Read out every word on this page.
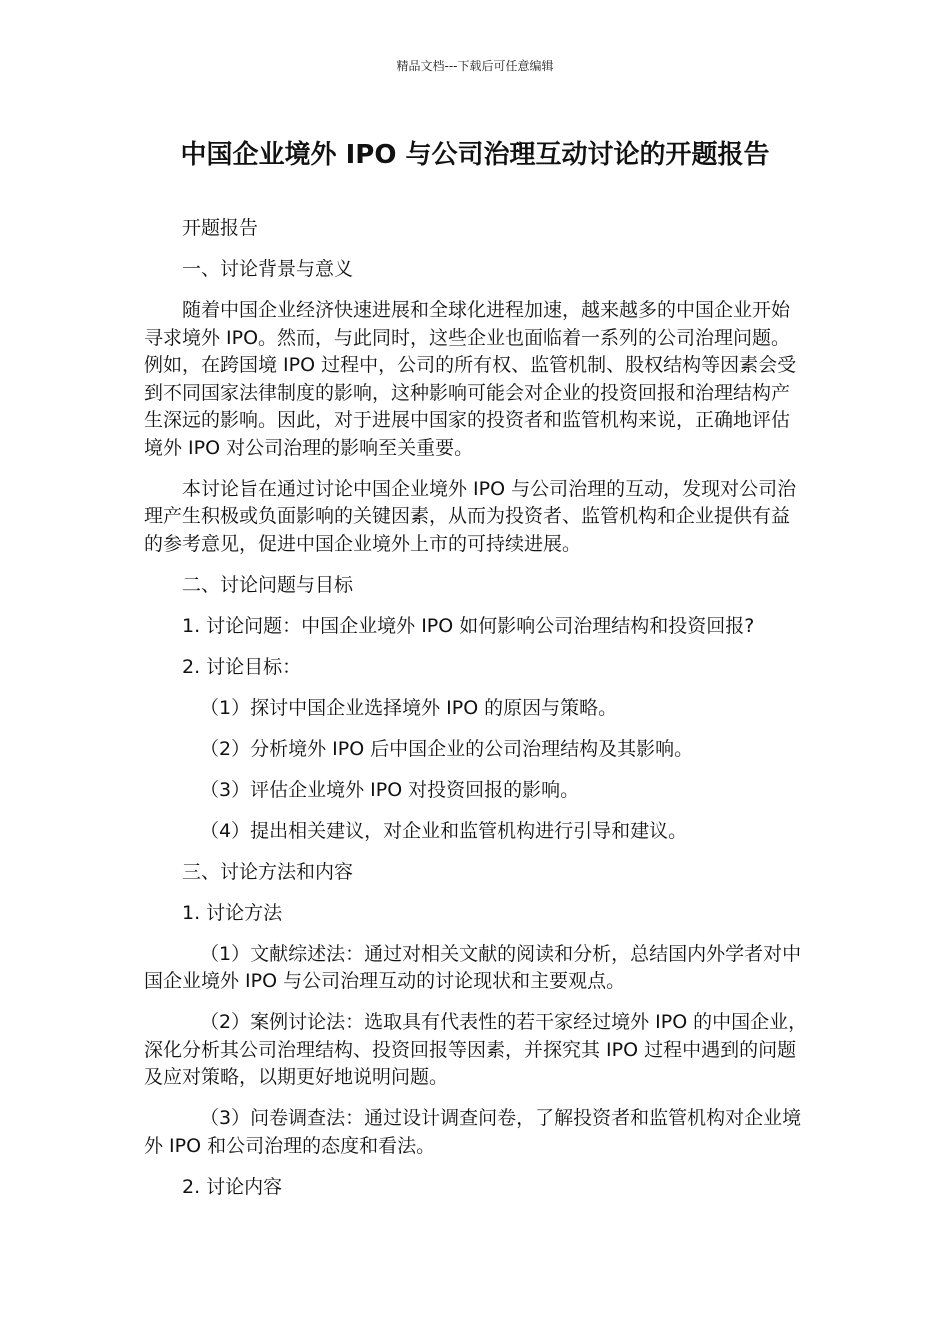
精品文档---下载后可任意编辑
中国企业境外 IPO 与公司治理互动讨论的开题报告

开题报告

一、讨论背景与意义

随着中国企业经济快速进展和全球化进程加速，越来越多的中国企业开始寻求境外 IPO。然而，与此同时，这些企业也面临着一系列的公司治理问题。例如，在跨国境 IPO 过程中，公司的所有权、监管机制、股权结构等因素会受到不同国家法律制度的影响，这种影响可能会对企业的投资回报和治理结构产生深远的影响。因此，对于进展中国家的投资者和监管机构来说，正确地评估境外 IPO 对公司治理的影响至关重要。

本讨论旨在通过讨论中国企业境外 IPO 与公司治理的互动，发现对公司治理产生积极或负面影响的关键因素，从而为投资者、监管机构和企业提供有益的参考意见，促进中国企业境外上市的可持续进展。

二、讨论问题与目标

1. 讨论问题：中国企业境外 IPO 如何影响公司治理结构和投资回报?

2. 讨论目标：

（1）探讨中国企业选择境外 IPO 的原因与策略。

（2）分析境外 IPO 后中国企业的公司治理结构及其影响。

（3）评估企业境外 IPO 对投资回报的影响。

（4）提出相关建议，对企业和监管机构进行引导和建议。

三、讨论方法和内容

1. 讨论方法

（1）文献综述法：通过对相关文献的阅读和分析，总结国内外学者对中国企业境外 IPO 与公司治理互动的讨论现状和主要观点。

（2）案例讨论法：选取具有代表性的若干家经过境外 IPO 的中国企业，深化分析其公司治理结构、投资回报等因素，并探究其 IPO 过程中遇到的问题及应对策略，以期更好地说明问题。

（3）问卷调查法：通过设计调查问卷，了解投资者和监管机构对企业境外 IPO 和公司治理的态度和看法。

2. 讨论内容
